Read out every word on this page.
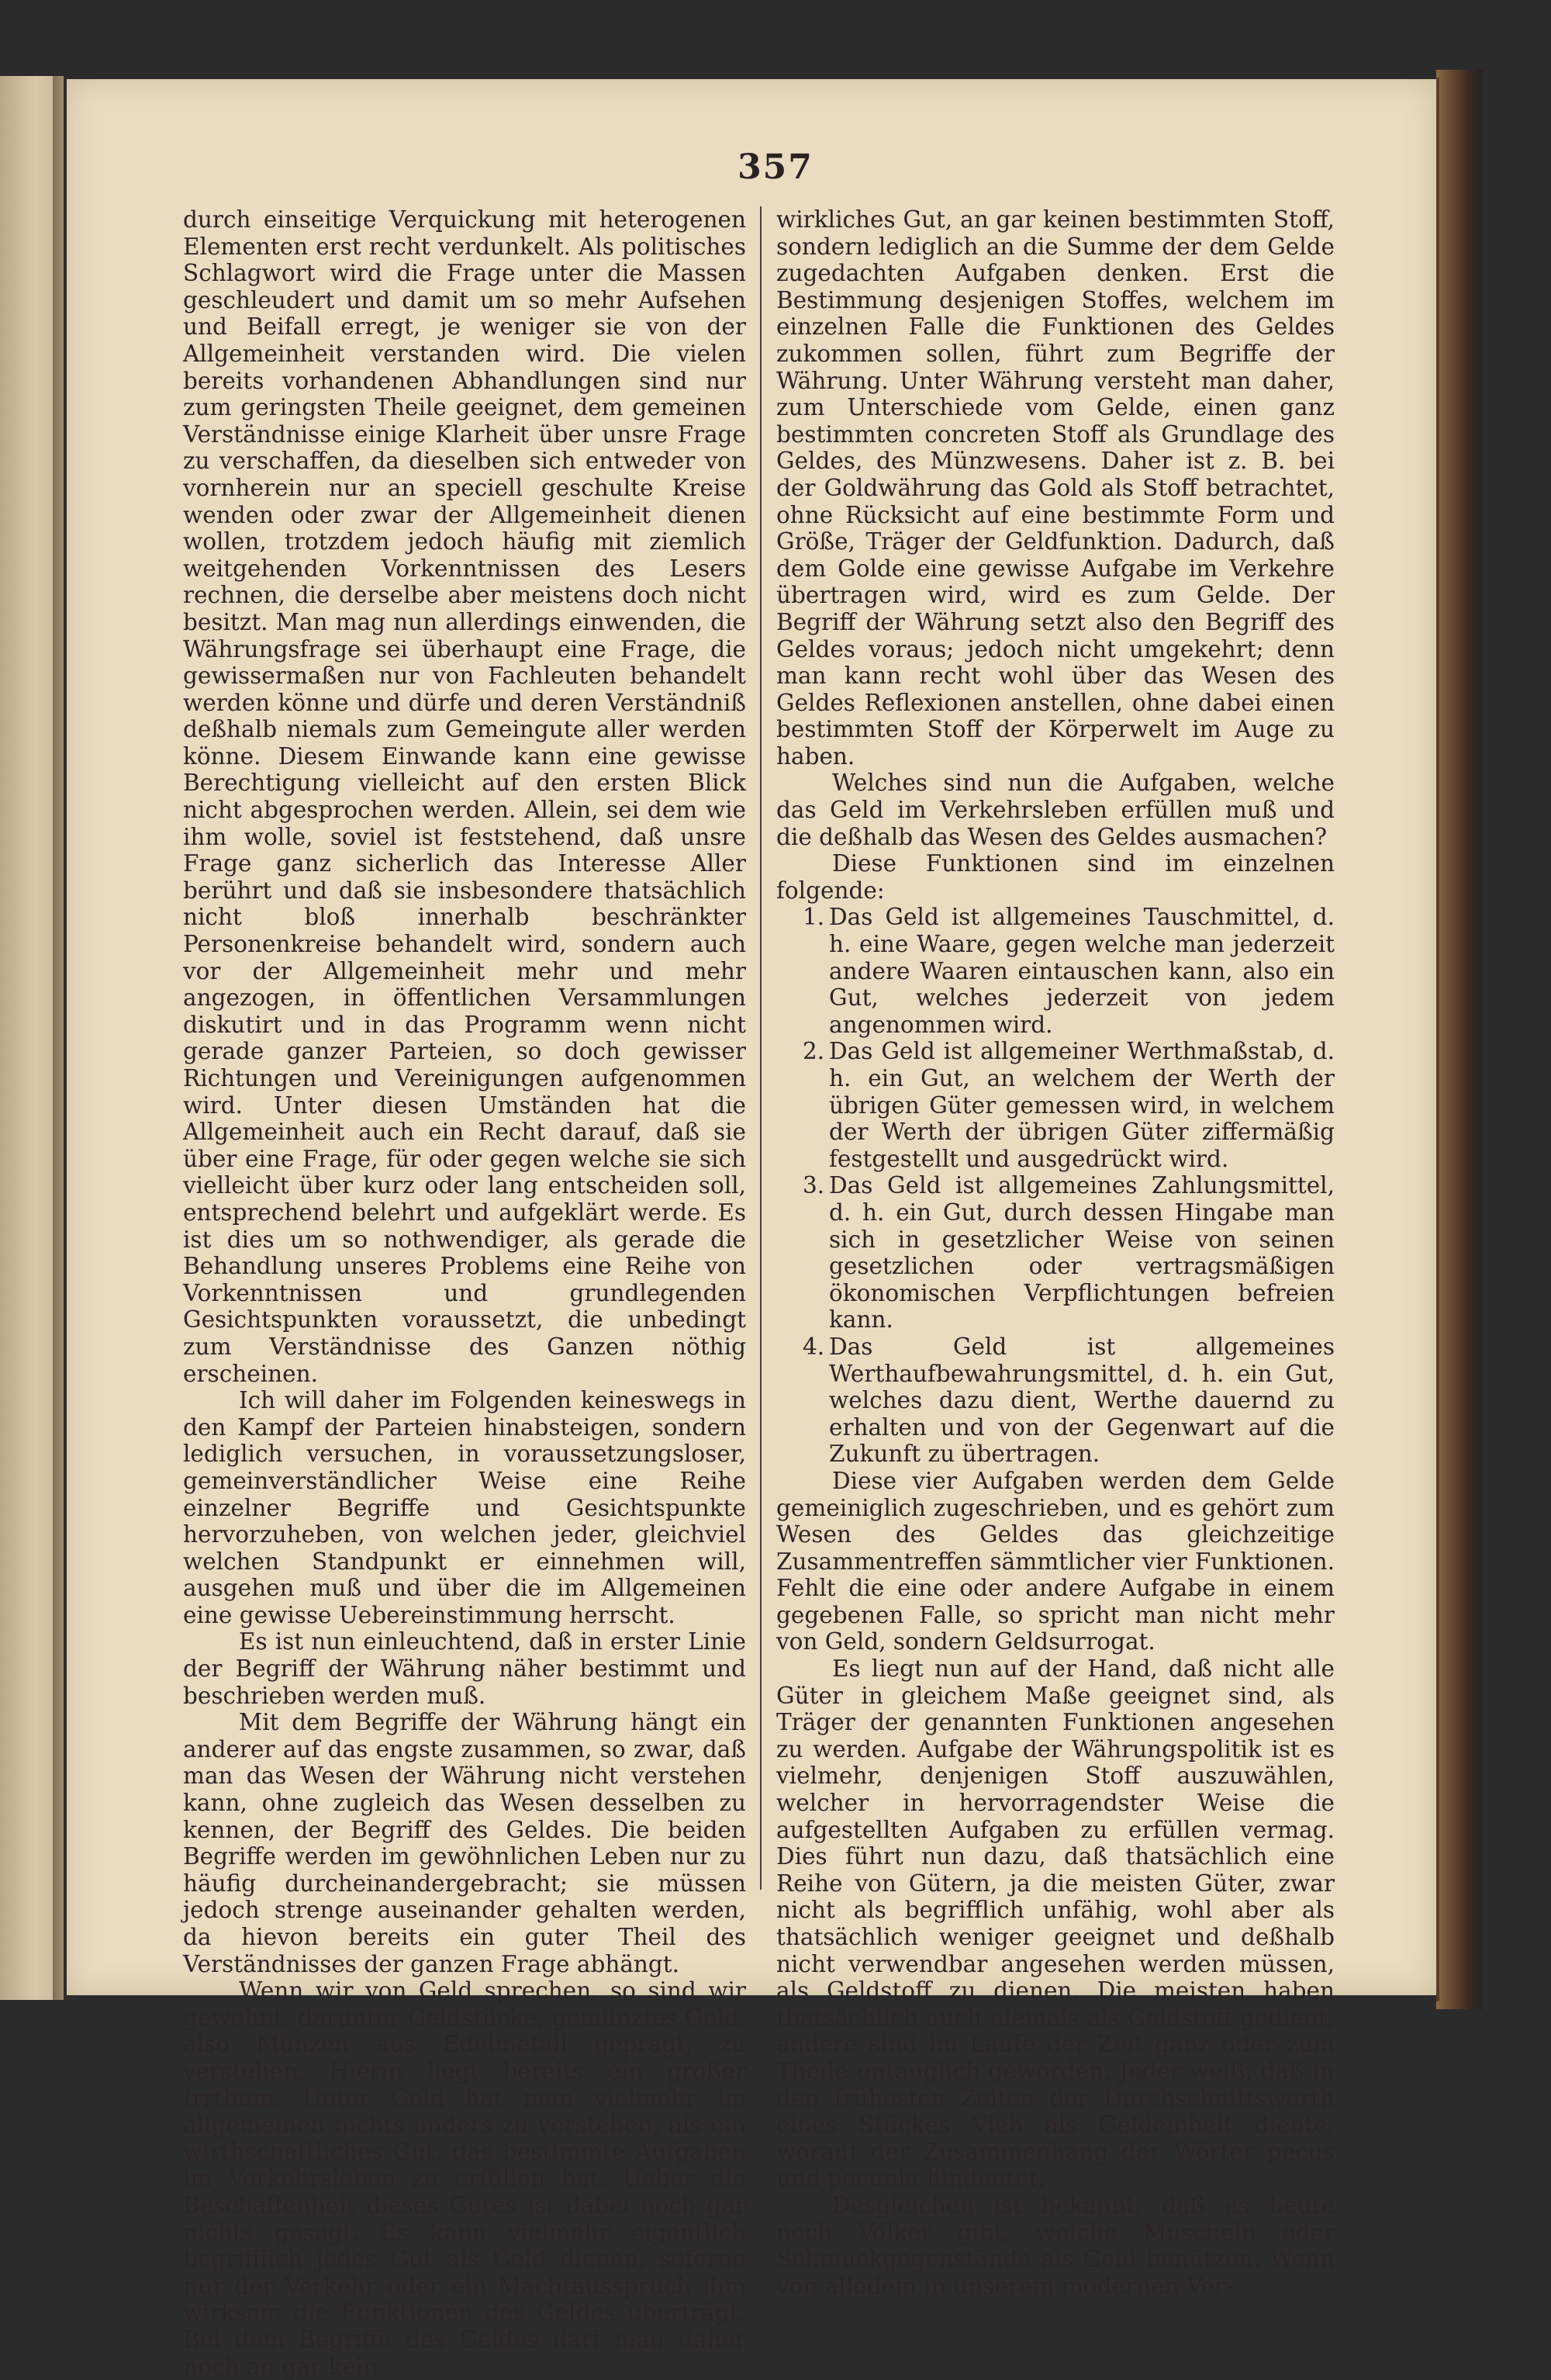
357

durch einseitige Verquickung mit heterogenen Elementen erst recht verdunkelt. Als politisches Schlagwort wird die Frage unter die Massen geschleudert und damit um so mehr Aufsehen und Beifall erregt, je weniger sie von der Allgemeinheit verstanden wird. Die vielen bereits vorhandenen Abhandlungen sind nur zum geringsten Theile geeignet, dem gemeinen Verständnisse einige Klarheit über unsre Frage zu verschaffen, da dieselben sich entweder von vornherein nur an speciell geschulte Kreise wenden oder zwar der Allgemeinheit dienen wollen, trotzdem jedoch häufig mit ziemlich weitgehenden Vorkenntnissen des Lesers rechnen, die derselbe aber meistens doch nicht besitzt. Man mag nun allerdings einwenden, die Währungsfrage sei überhaupt eine Frage, die gewissermaßen nur von Fachleuten behandelt werden könne und dürfe und deren Verständniß deßhalb niemals zum Gemeingute aller werden könne. Diesem Einwande kann eine gewisse Berechtigung vielleicht auf den ersten Blick nicht abgesprochen werden. Allein, sei dem wie ihm wolle, soviel ist feststehend, daß unsre Frage ganz sicherlich das Interesse Aller berührt und daß sie insbesondere thatsächlich nicht bloß innerhalb beschränkter Personenkreise behandelt wird, sondern auch vor der Allgemeinheit mehr und mehr angezogen, in öffentlichen Versammlungen diskutirt und in das Programm wenn nicht gerade ganzer Parteien, so doch gewisser Richtungen und Vereinigungen aufgenommen wird. Unter diesen Umständen hat die Allgemeinheit auch ein Recht darauf, daß sie über eine Frage, für oder gegen welche sie sich vielleicht über kurz oder lang entscheiden soll, entsprechend belehrt und aufgeklärt werde. Es ist dies um so nothwendiger, als gerade die Behandlung unseres Problems eine Reihe von Vorkenntnissen und grundlegenden Gesichtspunkten voraussetzt, die unbedingt zum Verständnisse des Ganzen nöthig erscheinen.

Ich will daher im Folgenden keineswegs in den Kampf der Parteien hinabsteigen, sondern lediglich versuchen, in voraussetzungsloser, gemeinverständlicher Weise eine Reihe einzelner Begriffe und Gesichtspunkte hervorzuheben, von welchen jeder, gleichviel welchen Standpunkt er einnehmen will, ausgehen muß und über die im Allgemeinen eine gewisse Uebereinstimmung herrscht.

Es ist nun einleuchtend, daß in erster Linie der Begriff der Währung näher bestimmt und beschrieben werden muß.

Mit dem Begriffe der Währung hängt ein anderer auf das engste zusammen, so zwar, daß man das Wesen der Währung nicht verstehen kann, ohne zugleich das Wesen desselben zu kennen, der Begriff des Geldes. Die beiden Begriffe werden im gewöhnlichen Leben nur zu häufig durcheinandergebracht; sie müssen jedoch strenge auseinander gehalten werden, da hievon bereits ein guter Theil des Verständnisses der ganzen Frage abhängt.

Wenn wir von Geld sprechen, so sind wir gewohnt, darunter Geldstücke, gemünztes Geld, also Münzen aus Edelmetall geprägt, zu verstehen. Hierin liegt bereits ein großer Irrthum. Unter Geld hat man vielmehr im allgemeinen nichts anders zu verstehen, als ein wirthschaftliches Gut, das bestimmte Aufgaben im Verkehrsleben zu erfüllen hat. Ueber die Beschaffenheit dieses Gutes ist dabei noch gar nichts gesagt. Es kann vielmehr eigentlich begrifflich jedes Gut als Geld dienen, soferne nur der Verkehr oder ein Machtausspruch ihm wirksam die Funktionen des Geldes überträgt. Bei dem Begriffe des Geldes darf man daher noch an gar kein

wirkliches Gut, an gar keinen bestimmten Stoff, sondern lediglich an die Summe der dem Gelde zugedachten Aufgaben denken. Erst die Bestimmung desjenigen Stoffes, welchem im einzelnen Falle die Funktionen des Geldes zukommen sollen, führt zum Begriffe der Währung. Unter Währung versteht man daher, zum Unterschiede vom Gelde, einen ganz bestimmten concreten Stoff als Grundlage des Geldes, des Münzwesens. Daher ist z. B. bei der Goldwährung das Gold als Stoff betrachtet, ohne Rücksicht auf eine bestimmte Form und Größe, Träger der Geldfunktion. Dadurch, daß dem Golde eine gewisse Aufgabe im Verkehre übertragen wird, wird es zum Gelde. Der Begriff der Währung setzt also den Begriff des Geldes voraus; jedoch nicht umgekehrt; denn man kann recht wohl über das Wesen des Geldes Reflexionen anstellen, ohne dabei einen bestimmten Stoff der Körperwelt im Auge zu haben.

Welches sind nun die Aufgaben, welche das Geld im Verkehrsleben erfüllen muß und die deßhalb das Wesen des Geldes ausmachen?

Diese Funktionen sind im einzelnen folgende:

1. Das Geld ist allgemeines Tauschmittel, d. h. eine Waare, gegen welche man jederzeit andere Waaren eintauschen kann, also ein Gut, welches jederzeit von jedem angenommen wird.

2. Das Geld ist allgemeiner Werthmaßstab, d. h. ein Gut, an welchem der Werth der übrigen Güter gemessen wird, in welchem der Werth der übrigen Güter ziffermäßig festgestellt und ausgedrückt wird.

3. Das Geld ist allgemeines Zahlungsmittel, d. h. ein Gut, durch dessen Hingabe man sich in gesetzlicher Weise von seinen gesetzlichen oder vertragsmäßigen ökonomischen Verpflichtungen befreien kann.

4. Das Geld ist allgemeines Werthaufbewahrungsmittel, d. h. ein Gut, welches dazu dient, Werthe dauernd zu erhalten und von der Gegenwart auf die Zukunft zu übertragen.

Diese vier Aufgaben werden dem Gelde gemeiniglich zugeschrieben, und es gehört zum Wesen des Geldes das gleichzeitige Zusammentreffen sämmtlicher vier Funktionen. Fehlt die eine oder andere Aufgabe in einem gegebenen Falle, so spricht man nicht mehr von Geld, sondern Geldsurrogat.

Es liegt nun auf der Hand, daß nicht alle Güter in gleichem Maße geeignet sind, als Träger der genannten Funktionen angesehen zu werden. Aufgabe der Währungspolitik ist es vielmehr, denjenigen Stoff auszuwählen, welcher in hervorragendster Weise die aufgestellten Aufgaben zu erfüllen vermag. Dies führt nun dazu, daß thatsächlich eine Reihe von Gütern, ja die meisten Güter, zwar nicht als begrifflich unfähig, wohl aber als thatsächlich weniger geeignet und deßhalb nicht verwendbar angesehen werden müssen, als Geldstoff zu dienen. Die meisten haben thatsächlich auch niemals als Geldstoff gedient, andere sind im Laufe der Zeit ganz oder zum Theile untauglich geworden. Jeder weiß, daß in den frühesten Zeiten der Durchschnittswerth eines Stückes Vieh als Geldeinheit diente, worauf der Zusammenhang der Wörter pecus und pecunia hindeutet.

Desgleichen ist bekannt, daß es heute noch Völker gibt, welche Muscheln oder Schmuckgegenstände als Geld benützen. Wenn von alledem in unserem modernen Ver-
